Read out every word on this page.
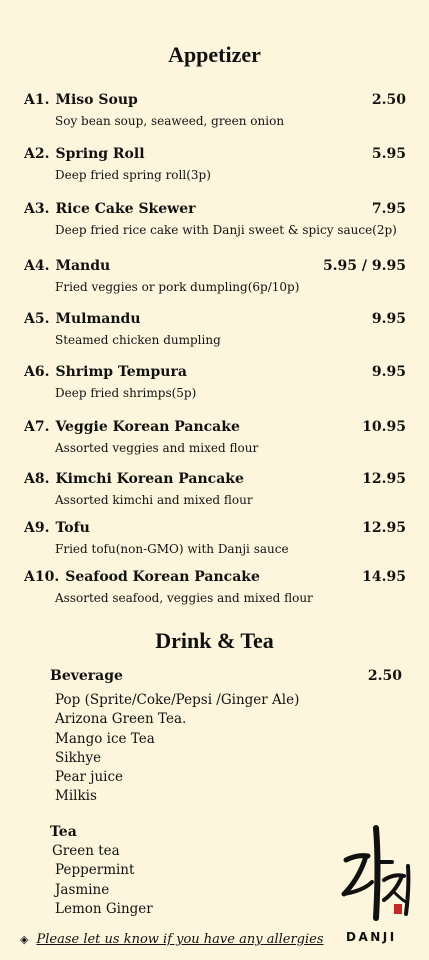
Appetizer
A1. Miso Soup	2.50
Soy bean soup, seaweed, green onion
A2. Spring Roll	5.95
Deep fried spring roll(3p)
A3. Rice Cake Skewer	7.95
Deep fried rice cake with Danji sweet & spicy sauce(2p)
A4. Mandu	5.95 / 9.95
Fried veggies or pork dumpling(6p/10p)
A5. Mulmandu	9.95
Steamed chicken dumpling
A6. Shrimp Tempura	9.95
Deep fried shrimps(5p)
A7. Veggie Korean Pancake	10.95
Assorted veggies and mixed flour
A8. Kimchi Korean Pancake	12.95
Assorted kimchi and mixed flour
A9. Tofu	12.95
Fried tofu(non-GMO) with Danji sauce
A10. Seafood Korean Pancake	14.95
Assorted seafood, veggies and mixed flour
Drink & Tea
Beverage	2.50
Pop (Sprite/Coke/Pepsi /Ginger Ale)
Arizona Green Tea.
Mango ice Tea
Sikhye
Pear juice
Milkis
Tea
Green tea
Peppermint
Jasmine
Lemon Ginger
DANJI
◈ Please let us know if you have any allergies
